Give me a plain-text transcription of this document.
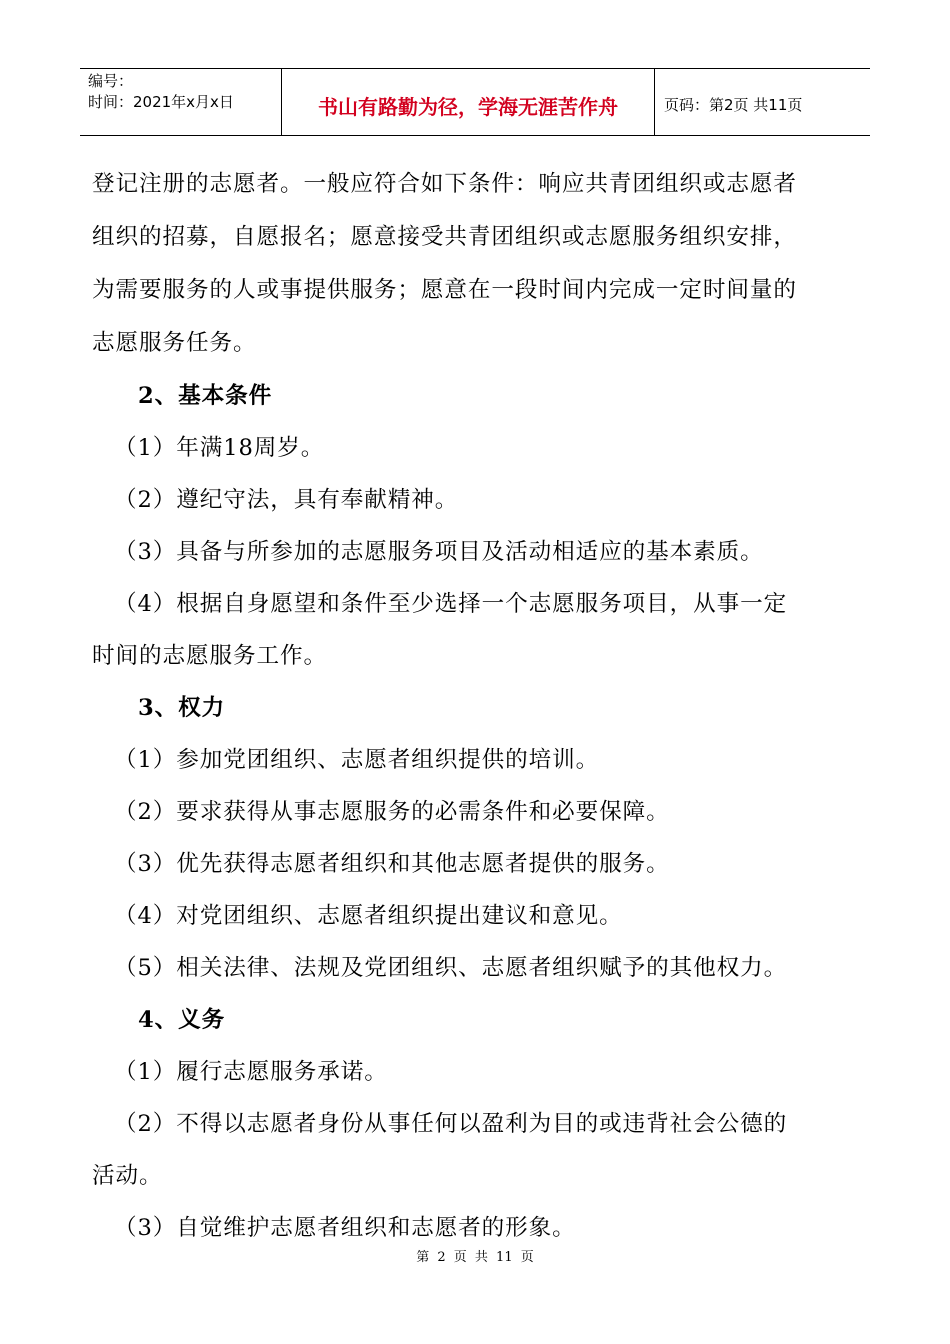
编号：
时间：2021年x月x日	书山有路勤为径，学海无涯苦作舟	页码：第2页 共11页
登记注册的志愿者。一般应符合如下条件：响应共青团组织或志愿者
组织的招募，自愿报名；愿意接受共青团组织或志愿服务组织安排，
为需要服务的人或事提供服务；愿意在一段时间内完成一定时间量的
志愿服务任务。
2、基本条件
（1）年满18周岁。
（2）遵纪守法，具有奉献精神。
（3）具备与所参加的志愿服务项目及活动相适应的基本素质。
（4）根据自身愿望和条件至少选择一个志愿服务项目，从事一定
时间的志愿服务工作。
3、权力
（1）参加党团组织、志愿者组织提供的培训。
（2）要求获得从事志愿服务的必需条件和必要保障。
（3）优先获得志愿者组织和其他志愿者提供的服务。
（4）对党团组织、志愿者组织提出建议和意见。
（5）相关法律、法规及党团组织、志愿者组织赋予的其他权力。
4、义务
（1）履行志愿服务承诺。
（2）不得以志愿者身份从事任何以盈利为目的或违背社会公德的
活动。
（3）自觉维护志愿者组织和志愿者的形象。
第 2 页 共 11 页
